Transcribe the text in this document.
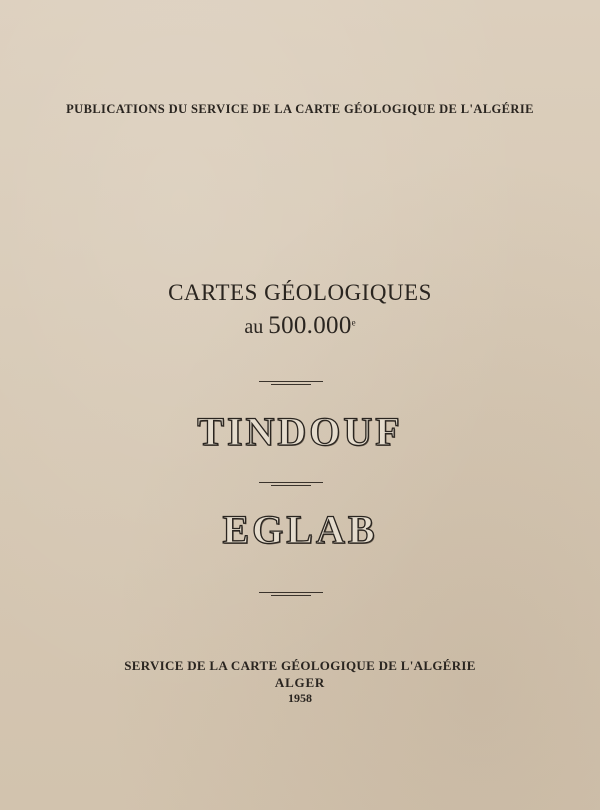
PUBLICATIONS DU SERVICE DE LA CARTE GÉOLOGIQUE DE L'ALGÉRIE
CARTES GÉOLOGIQUES
au 500.000e
TINDOUF
EGLAB
SERVICE DE LA CARTE GÉOLOGIQUE DE L'ALGÉRIE
ALGER
1958
